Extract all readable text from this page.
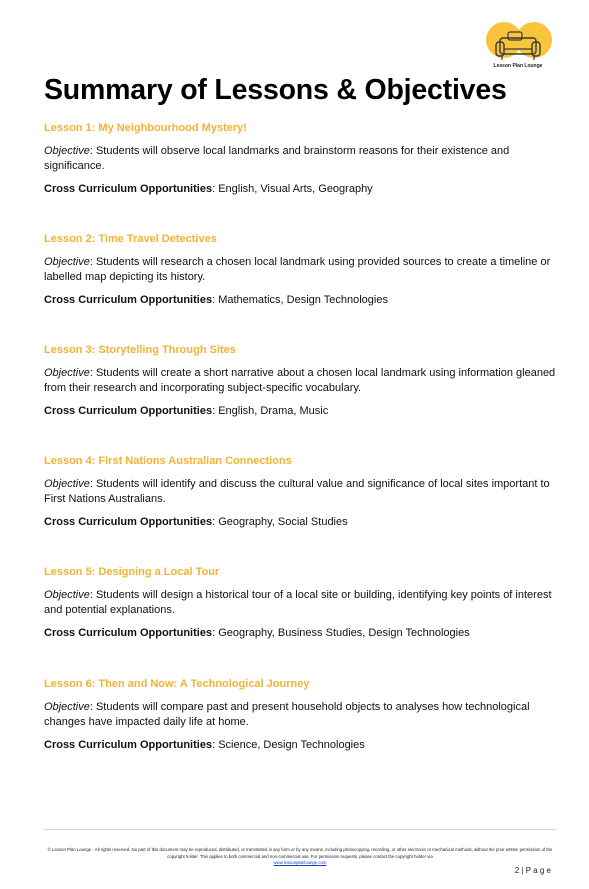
Lesson Plan Lounge
Summary of Lessons & Objectives
Lesson 1: My Neighbourhood Mystery!

Objective: Students will observe local landmarks and brainstorm reasons for their existence and significance.

Cross Curriculum Opportunities: English, Visual Arts, Geography

Lesson 2: Time Travel Detectives

Objective: Students will research a chosen local landmark using provided sources to create a timeline or labelled map depicting its history.

Cross Curriculum Opportunities: Mathematics, Design Technologies

Lesson 3: Storytelling Through Sites

Objective: Students will create a short narrative about a chosen local landmark using information gleaned from their research and incorporating subject-specific vocabulary.

Cross Curriculum Opportunities: English, Drama, Music

Lesson 4: First Nations Australian Connections

Objective: Students will identify and discuss the cultural value and significance of local sites important to First Nations Australians.

Cross Curriculum Opportunities: Geography, Social Studies

Lesson 5: Designing a Local Tour

Objective: Students will design a historical tour of a local site or building, identifying key points of interest and potential explanations.

Cross Curriculum Opportunities: Geography, Business Studies, Design Technologies

Lesson 6: Then and Now: A Technological Journey

Objective: Students will compare past and present household objects to analyses how technological changes have impacted daily life at home.

Cross Curriculum Opportunities: Science, Design Technologies

© Lesson Plan Lounge - All rights reserved. No part of this document may be reproduced, distributed, or transmitted in any form or by any means, including photocopying, recording, or other electronic or mechanical methods, without the prior written permission of the copyright holder. This applies to both commercial and non-commercial use. For permission requests, please contact the copyright holder via
www.lessonplanlounge.com
2 | P a g e
